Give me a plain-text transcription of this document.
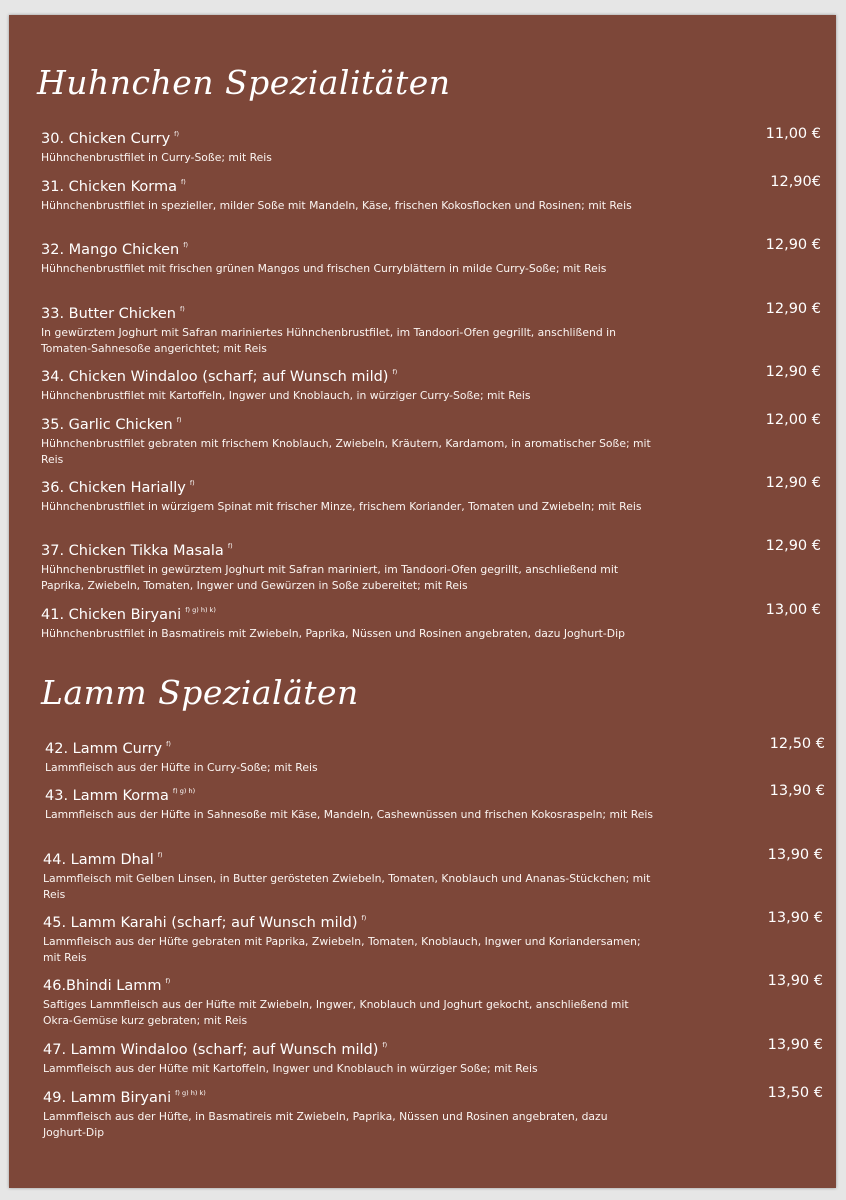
Huhnchen Spezialitäten
30. Chicken Curry $^{f)}$
Hühnchenbrustfilet in Curry-Soße; mit Reis
11,00 €
31. Chicken Korma $^{f)}$
Hühnchenbrustfilet in spezieller, milder Soße mit Mandeln, Käse, frischen Kokosflocken und Rosinen; mit Reis
12,90€
32. Mango Chicken $^{f)}$
Hühnchenbrustfilet mit frischen grünen Mangos und frischen Curryblättern in milde Curry-Soße; mit Reis
12,90 €
33. Butter Chicken $^{f)}$
In gewürztem Joghurt mit Safran mariniertes Hühnchenbrustfilet, im Tandoori-Ofen gegrillt, anschlißend in Tomaten-Sahnesoße angerichtet; mit Reis
12,90 €
34. Chicken Windaloo (scharf; auf Wunsch mild) $^{f)}$
Hühnchenbrustfilet mit Kartoffeln, Ingwer und Knoblauch, in würziger Curry-Soße; mit Reis
12,90 €
35. Garlic Chicken $^{f)}$
Hühnchenbrustfilet gebraten mit frischem Knoblauch, Zwiebeln, Kräutern, Kardamom, in aromatischer Soße; mit Reis
12,00 €
36. Chicken Harially $^{f)}$
Hühnchenbrustfilet in würzigem Spinat mit frischer Minze, frischem Koriander, Tomaten und Zwiebeln; mit Reis
12,90 €
37. Chicken Tikka Masala $^{f)}$
Hühnchenbrustfilet in gewürztem Joghurt mit Safran mariniert, im Tandoori-Ofen gegrillt, anschließend mit Paprika, Zwiebeln, Tomaten, Ingwer und Gewürzen in Soße zubereitet; mit Reis
12,90 €
41. Chicken Biryani $^{f) g) h) k)}$
Hühnchenbrustfilet in Basmatireis mit Zwiebeln, Paprika, Nüssen und Rosinen angebraten, dazu Joghurt-Dip
13,00 €
Lamm Spezialäten
42. Lamm Curry $^{f)}$
Lammfleisch aus der Hüfte in Curry-Soße; mit Reis
12,50 €
43. Lamm Korma $^{f) g) h)}$
Lammfleisch aus der Hüfte in Sahnesoße mit Käse, Mandeln, Cashewnüssen und frischen Kokosraspeln; mit Reis
13,90 €
44. Lamm Dhal $^{f)}$
Lammfleisch mit Gelben Linsen, in Butter gerösteten Zwiebeln, Tomaten, Knoblauch und Ananas-Stückchen; mit Reis
13,90 €
45. Lamm Karahi (scharf; auf Wunsch mild) $^{f)}$
Lammfleisch aus der Hüfte gebraten mit Paprika, Zwiebeln, Tomaten, Knoblauch, Ingwer und Koriandersamen; mit Reis
13,90 €
46.Bhindi Lamm $^{f)}$
Saftiges Lammfleisch aus der Hüfte mit Zwiebeln, Ingwer, Knoblauch und Joghurt gekocht, anschließend mit Okra-Gemüse kurz gebraten; mit Reis
13,90 €
47. Lamm Windaloo (scharf; auf Wunsch mild) $^{f)}$
Lammfleisch aus der Hüfte mit Kartoffeln, Ingwer und Knoblauch in würziger Soße; mit Reis
13,90 €
49. Lamm Biryani $^{f) g) h) k)}$
Lammfleisch aus der Hüfte, in Basmatireis mit Zwiebeln, Paprika, Nüssen und Rosinen angebraten, dazu Joghurt-Dip
13,50 €
